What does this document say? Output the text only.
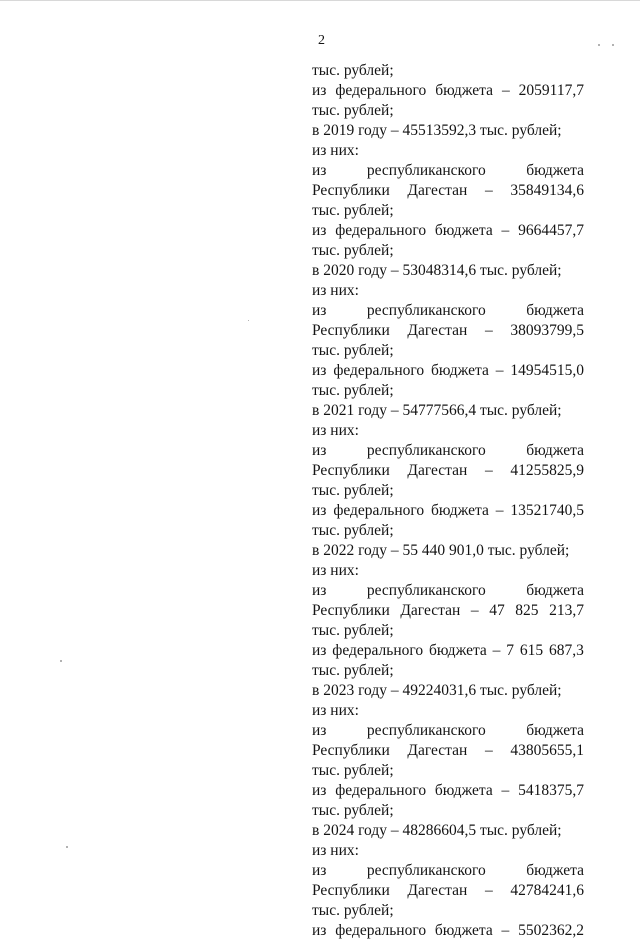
2
тыс. рублей;
из федерального бюджета – 2059117,7
тыс. рублей;
в 2019 году – 45513592,3 тыс. рублей;
из них:
из	республиканского	бюджета
Республики Дагестан – 35849134,6
тыс. рублей;
из федерального бюджета – 9664457,7
тыс. рублей;
в 2020 году – 53048314,6 тыс. рублей;
из них:
из	республиканского	бюджета
Республики Дагестан – 38093799,5
тыс. рублей;
из федерального бюджета – 14954515,0
тыс. рублей;
в 2021 году – 54777566,4 тыс. рублей;
из них:
из	республиканского	бюджета
Республики Дагестан – 41255825,9
тыс. рублей;
из федерального бюджета – 13521740,5
тыс. рублей;
в 2022 году – 55 440 901,0 тыс. рублей;
из них:
из	республиканского	бюджета
Республики Дагестан – 47 825 213,7
тыс. рублей;
из федерального бюджета – 7 615 687,3
тыс. рублей;
в 2023 году – 49224031,6 тыс. рублей;
из них:
из	республиканского	бюджета
Республики Дагестан – 43805655,1
тыс. рублей;
из федерального бюджета – 5418375,7
тыс. рублей;
в 2024 году – 48286604,5 тыс. рублей;
из них:
из	республиканского	бюджета
Республики Дагестан – 42784241,6
тыс. рублей;
из федерального бюджета – 5502362,2
